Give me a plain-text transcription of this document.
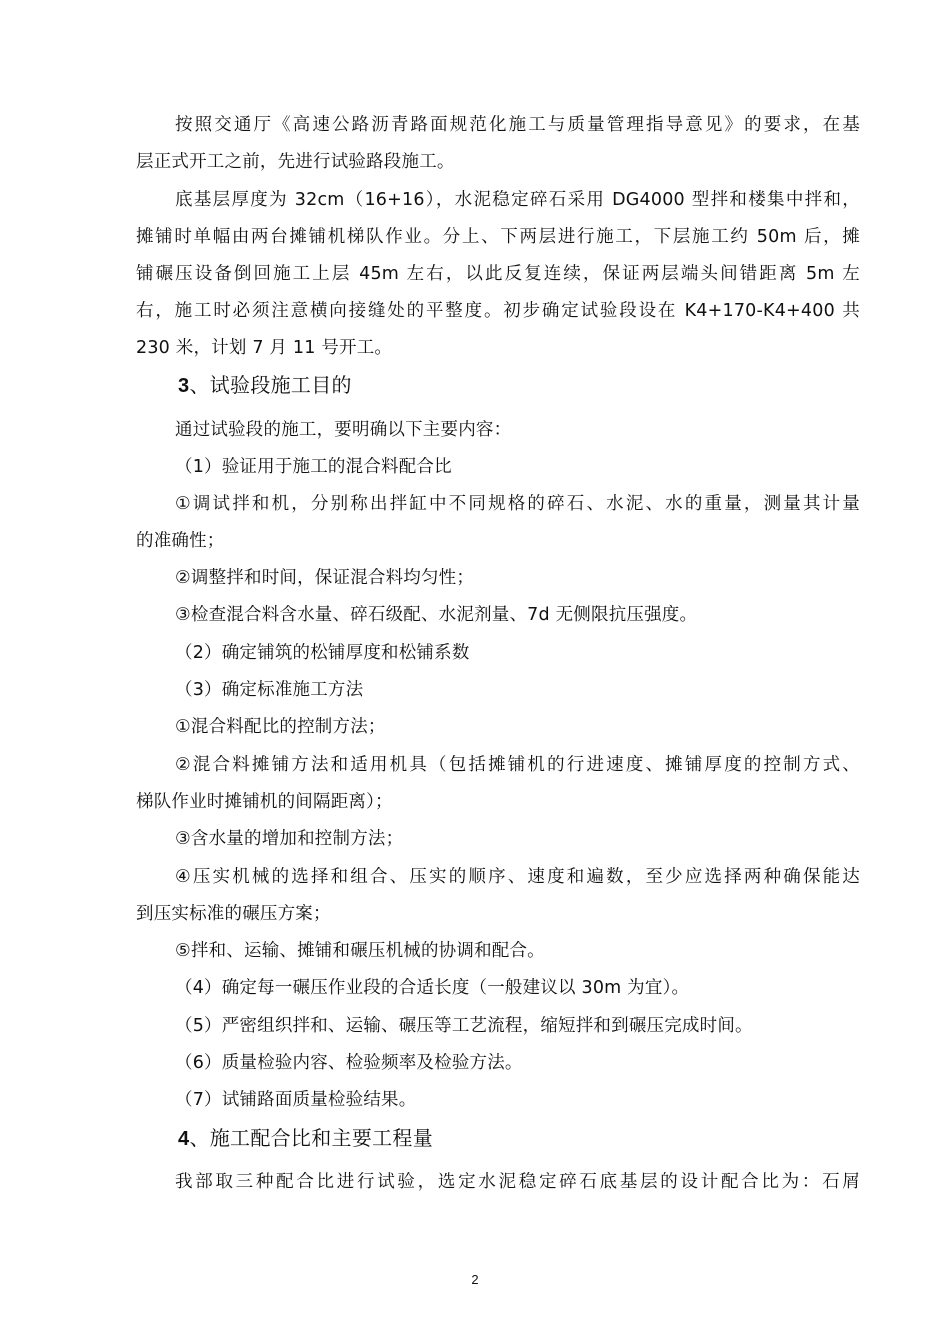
按照交通厅《高速公路沥青路面规范化施工与质量管理指导意见》的要求，在基
层正式开工之前，先进行试验路段施工。
底基层厚度为 32cm（16+16），水泥稳定碎石采用 DG4000 型拌和楼集中拌和，
摊铺时单幅由两台摊铺机梯队作业。分上、下两层进行施工，下层施工约 50m 后，摊
铺碾压设备倒回施工上层 45m 左右，以此反复连续，保证两层端头间错距离 5m 左
右，施工时必须注意横向接缝处的平整度。初步确定试验段设在 K4+170-K4+400 共
230 米，计划 7 月 11 号开工。
3、试验段施工目的
通过试验段的施工，要明确以下主要内容：
（1）验证用于施工的混合料配合比
①调试拌和机，分别称出拌缸中不同规格的碎石、水泥、水的重量，测量其计量
的准确性；
②调整拌和时间，保证混合料均匀性；
③检查混合料含水量、碎石级配、水泥剂量、7d 无侧限抗压强度。
（2）确定铺筑的松铺厚度和松铺系数
（3）确定标准施工方法
①混合料配比的控制方法；
②混合料摊铺方法和适用机具（包括摊铺机的行进速度、摊铺厚度的控制方式、
梯队作业时摊铺机的间隔距离）；
③含水量的增加和控制方法；
④压实机械的选择和组合、压实的顺序、速度和遍数，至少应选择两种确保能达
到压实标准的碾压方案；
⑤拌和、运输、摊铺和碾压机械的协调和配合。
（4）确定每一碾压作业段的合适长度（一般建议以 30m 为宜）。
（5）严密组织拌和、运输、碾压等工艺流程，缩短拌和到碾压完成时间。
（6）质量检验内容、检验频率及检验方法。
（7）试铺路面质量检验结果。
4、施工配合比和主要工程量
我部取三种配合比进行试验，选定水泥稳定碎石底基层的设计配合比为：石屑
2
